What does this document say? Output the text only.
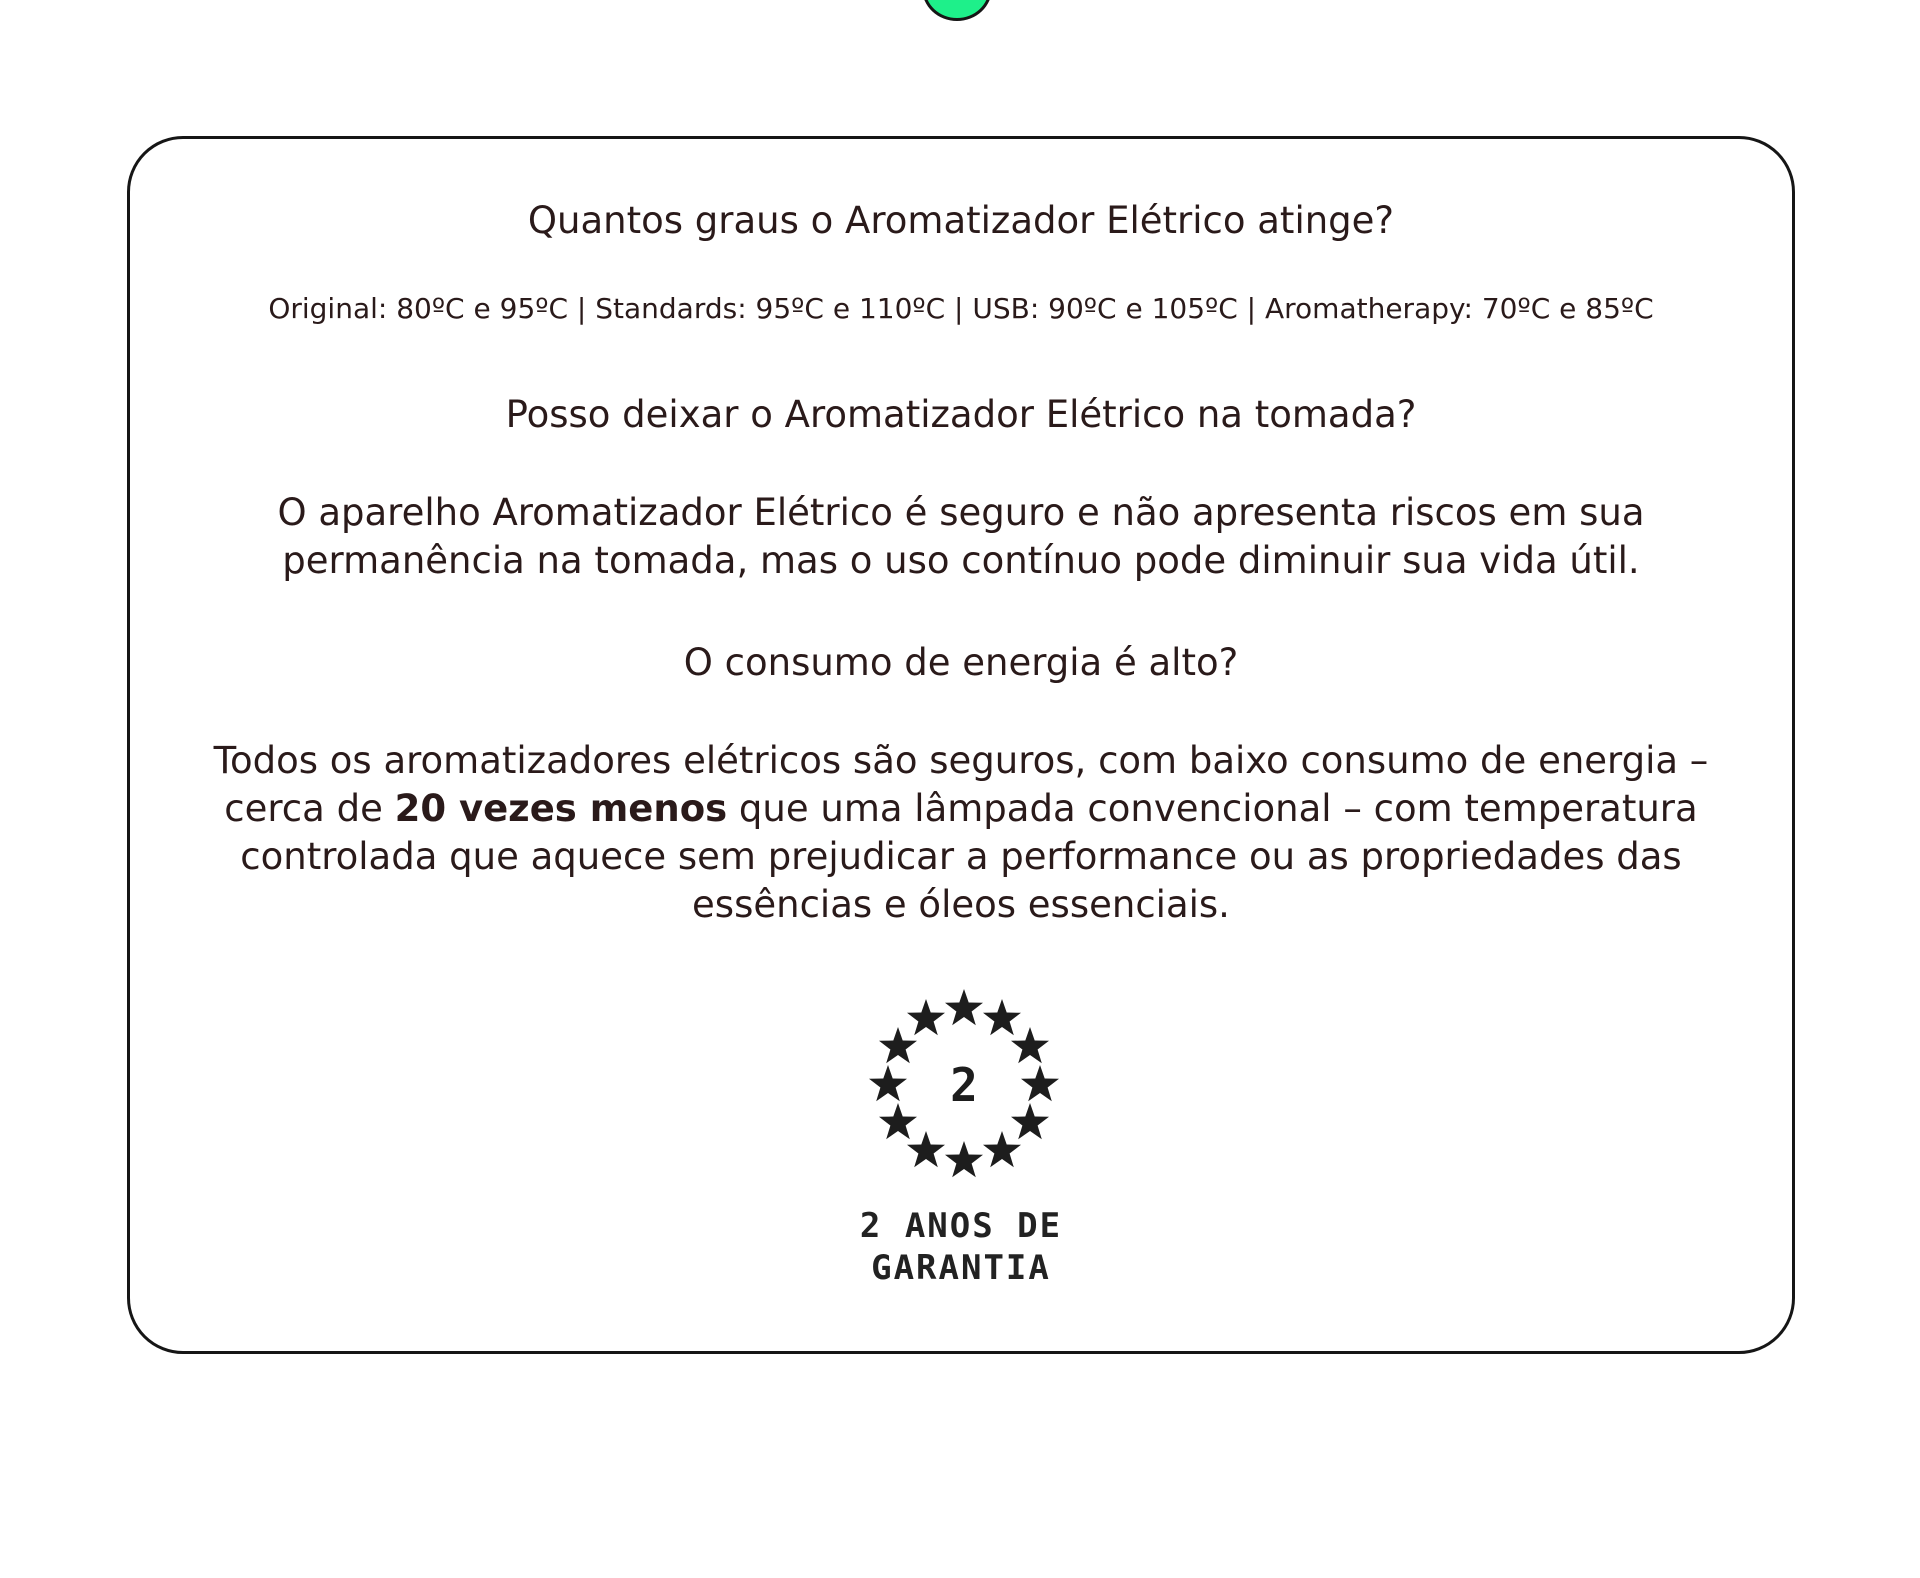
Quantos graus o Aromatizador Elétrico atinge?

Original: 80ºC e 95ºC | Standards: 95ºC e 110ºC | USB: 90ºC e 105ºC | Aromatherapy: 70ºC e 85ºC

Posso deixar o Aromatizador Elétrico na tomada?

O aparelho Aromatizador Elétrico é seguro e não apresenta riscos em sua permanência na tomada, mas o uso contínuo pode diminuir sua vida útil.

O consumo de energia é alto?

Todos os aromatizadores elétricos são seguros, com baixo consumo de energia – cerca de 20 vezes menos que uma lâmpada convencional – com temperatura controlada que aquece sem prejudicar a performance ou as propriedades das essências e óleos essenciais.

2

2 ANOS DE
GARANTIA
